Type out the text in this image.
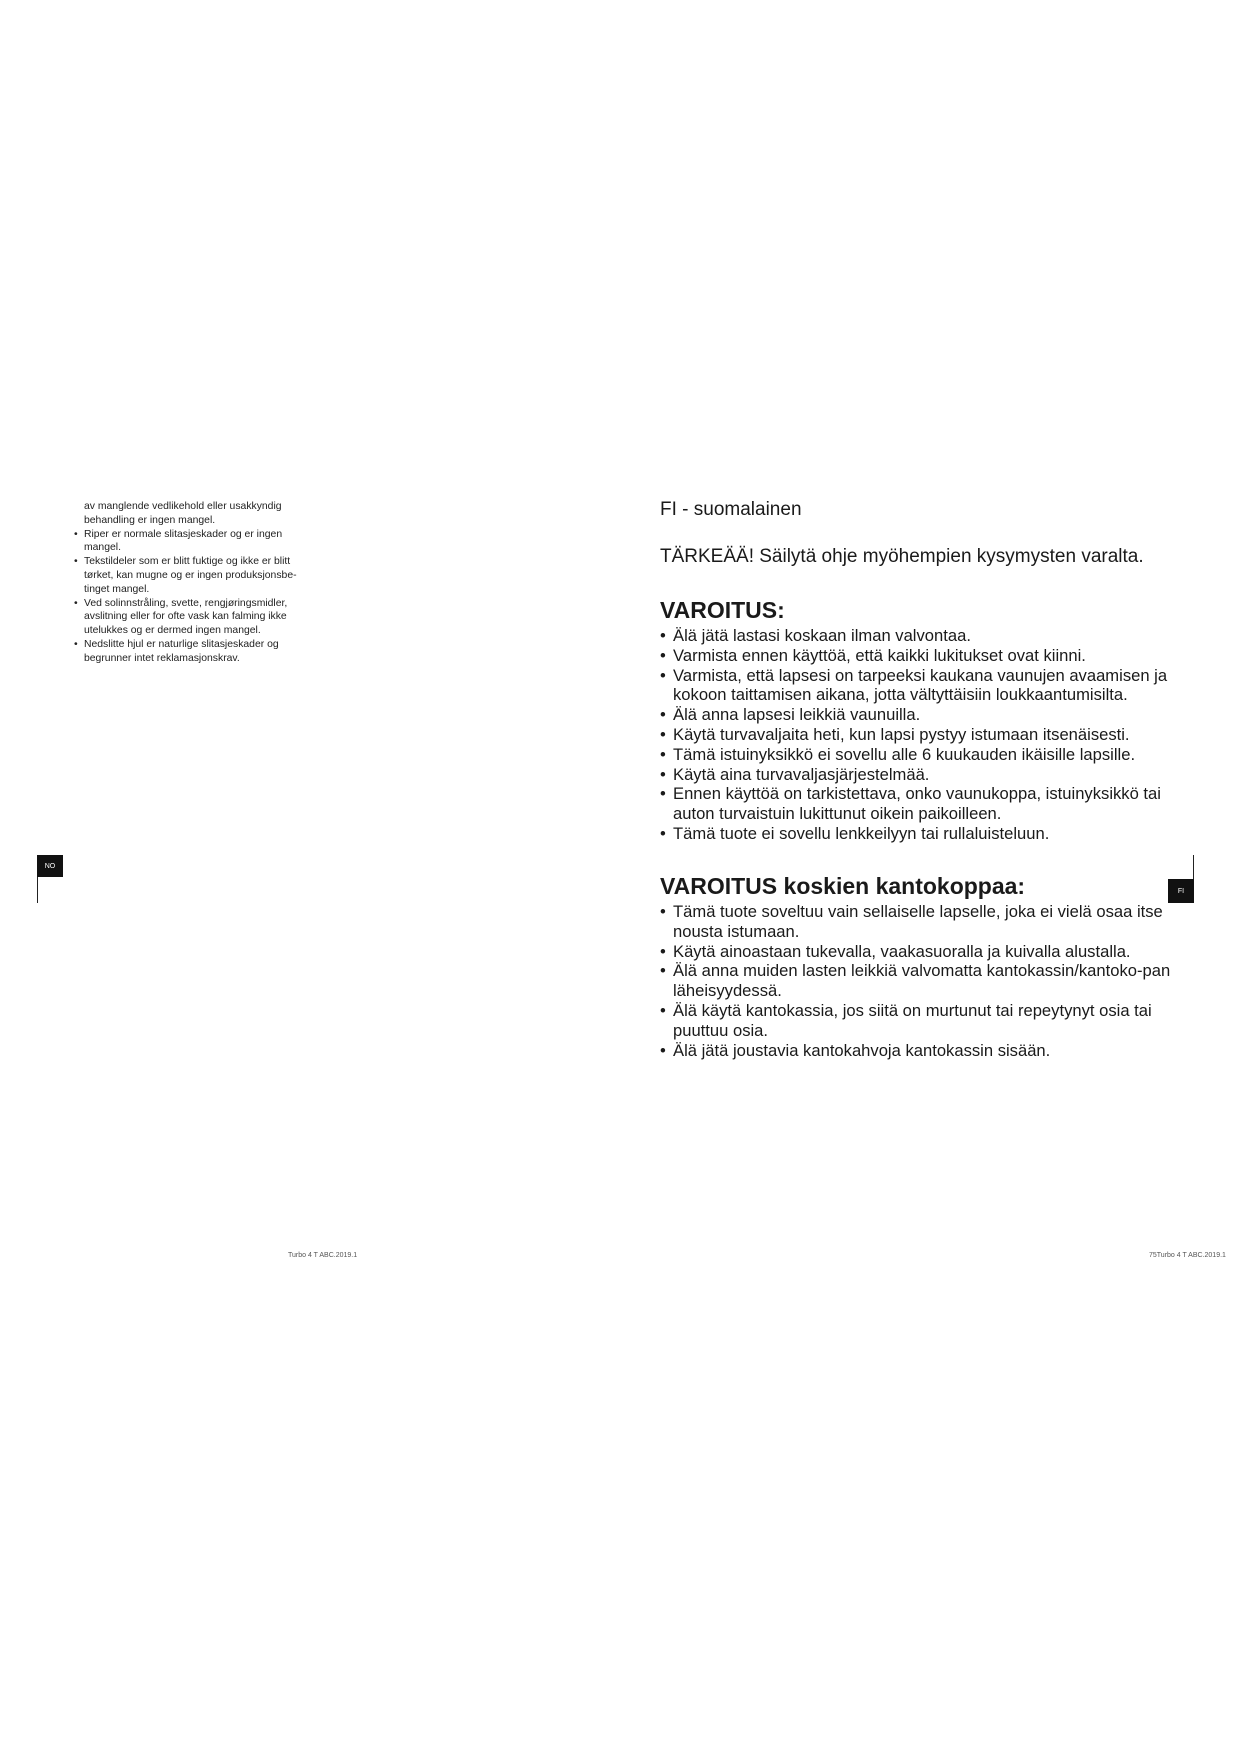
av manglende vedlikehold eller usakkyndig behandling er ingen mangel.

• Riper er normale slitasjeskader og er ingen mangel.
• Tekstildeler som er blitt fuktige og ikke er blitt tørket, kan mugne og er ingen produksjonsbe-tinget mangel.
• Ved solinnstråling, svette, rengjøringsmidler, avslitning eller for ofte vask kan falming ikke utelukkes og er dermed ingen mangel.
• Nedslitte hjul er naturlige slitasjeskader og begrunner intet reklamasjonskrav.
NO
Turbo 4 T ABC.2019.1
FI - suomalainen
TÄRKEÄÄ! Säilytä ohje myöhempien kysymysten varalta.
VAROITUS:
• Älä jätä lastasi koskaan ilman valvontaa.
• Varmista ennen käyttöä, että kaikki lukitukset ovat kiinni.
• Varmista, että lapsesi on tarpeeksi kaukana vaunujen avaamisen ja kokoon taittamisen aikana, jotta vältyttäisiin loukkaantumisilta.
• Älä anna lapsesi leikkiä vaunuilla.
• Käytä turvavaljaita heti, kun lapsi pystyy istumaan itsenäisesti.
• Tämä istuinyksikkö ei sovellu alle 6 kuukauden ikäisille lapsille.
• Käytä aina turvavaljasjärjestelmää.
• Ennen käyttöä on tarkistettava, onko vaunukoppa, istuinyksikkö tai auton turvaistuin lukittunut oikein paikoilleen.
• Tämä tuote ei sovellu lenkkeilyyn tai rullaluisteluun.
VAROITUS koskien kantokoppaa:
• Tämä tuote soveltuu vain sellaiselle lapselle, joka ei vielä osaa itse nousta istumaan.
• Käytä ainoastaan tukevalla, vaakasuoralla ja kuivalla alustalla.
• Älä anna muiden lasten leikkiä valvomatta kantokassin/kantoko-pan läheisyydessä.
• Älä käytä kantokassia, jos siitä on murtunut tai repeytynyt osia tai puuttuu osia.
• Älä jätä joustavia kantokahvoja kantokassin sisään.
FI
75Turbo 4 T ABC.2019.1
